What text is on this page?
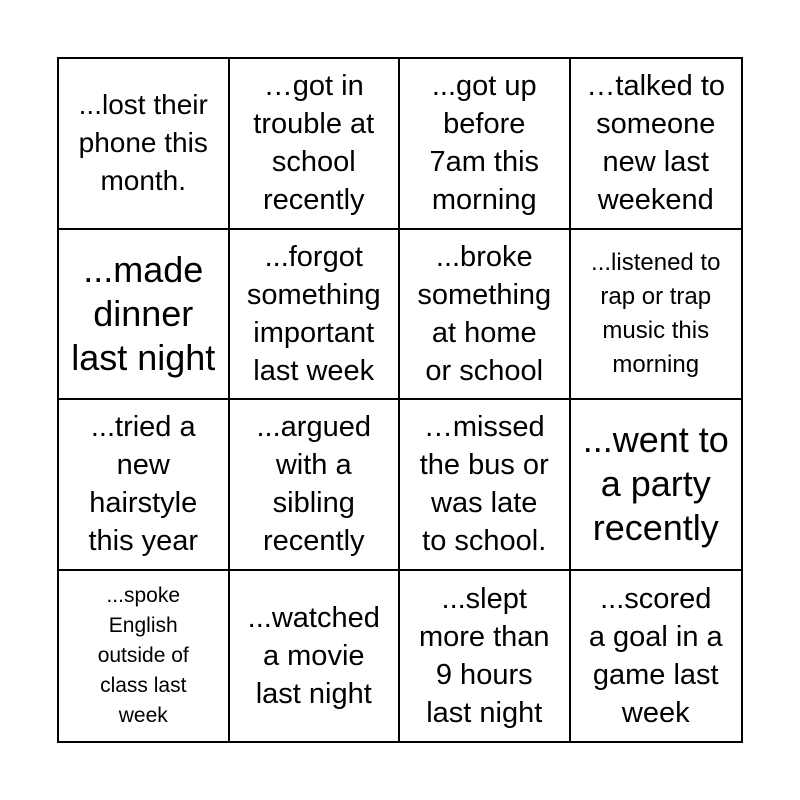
...lost their
phone this
month.
…got in
trouble at
school
recently
...got up
before
7am this
morning
…talked to
someone
new last
weekend
...made
dinner
last night
...forgot
something
important
last week
...broke
something
at home
or school
...listened to
rap or trap
music this
morning
...tried a
new
hairstyle
this year
...argued
with a
sibling
recently
…missed
the bus or
was late
to school.
...went to
a party
recently
...spoke
English
outside of
class last
week
...watched
a movie
last night
...slept
more than
9 hours
last night
...scored
a goal in a
game last
week
